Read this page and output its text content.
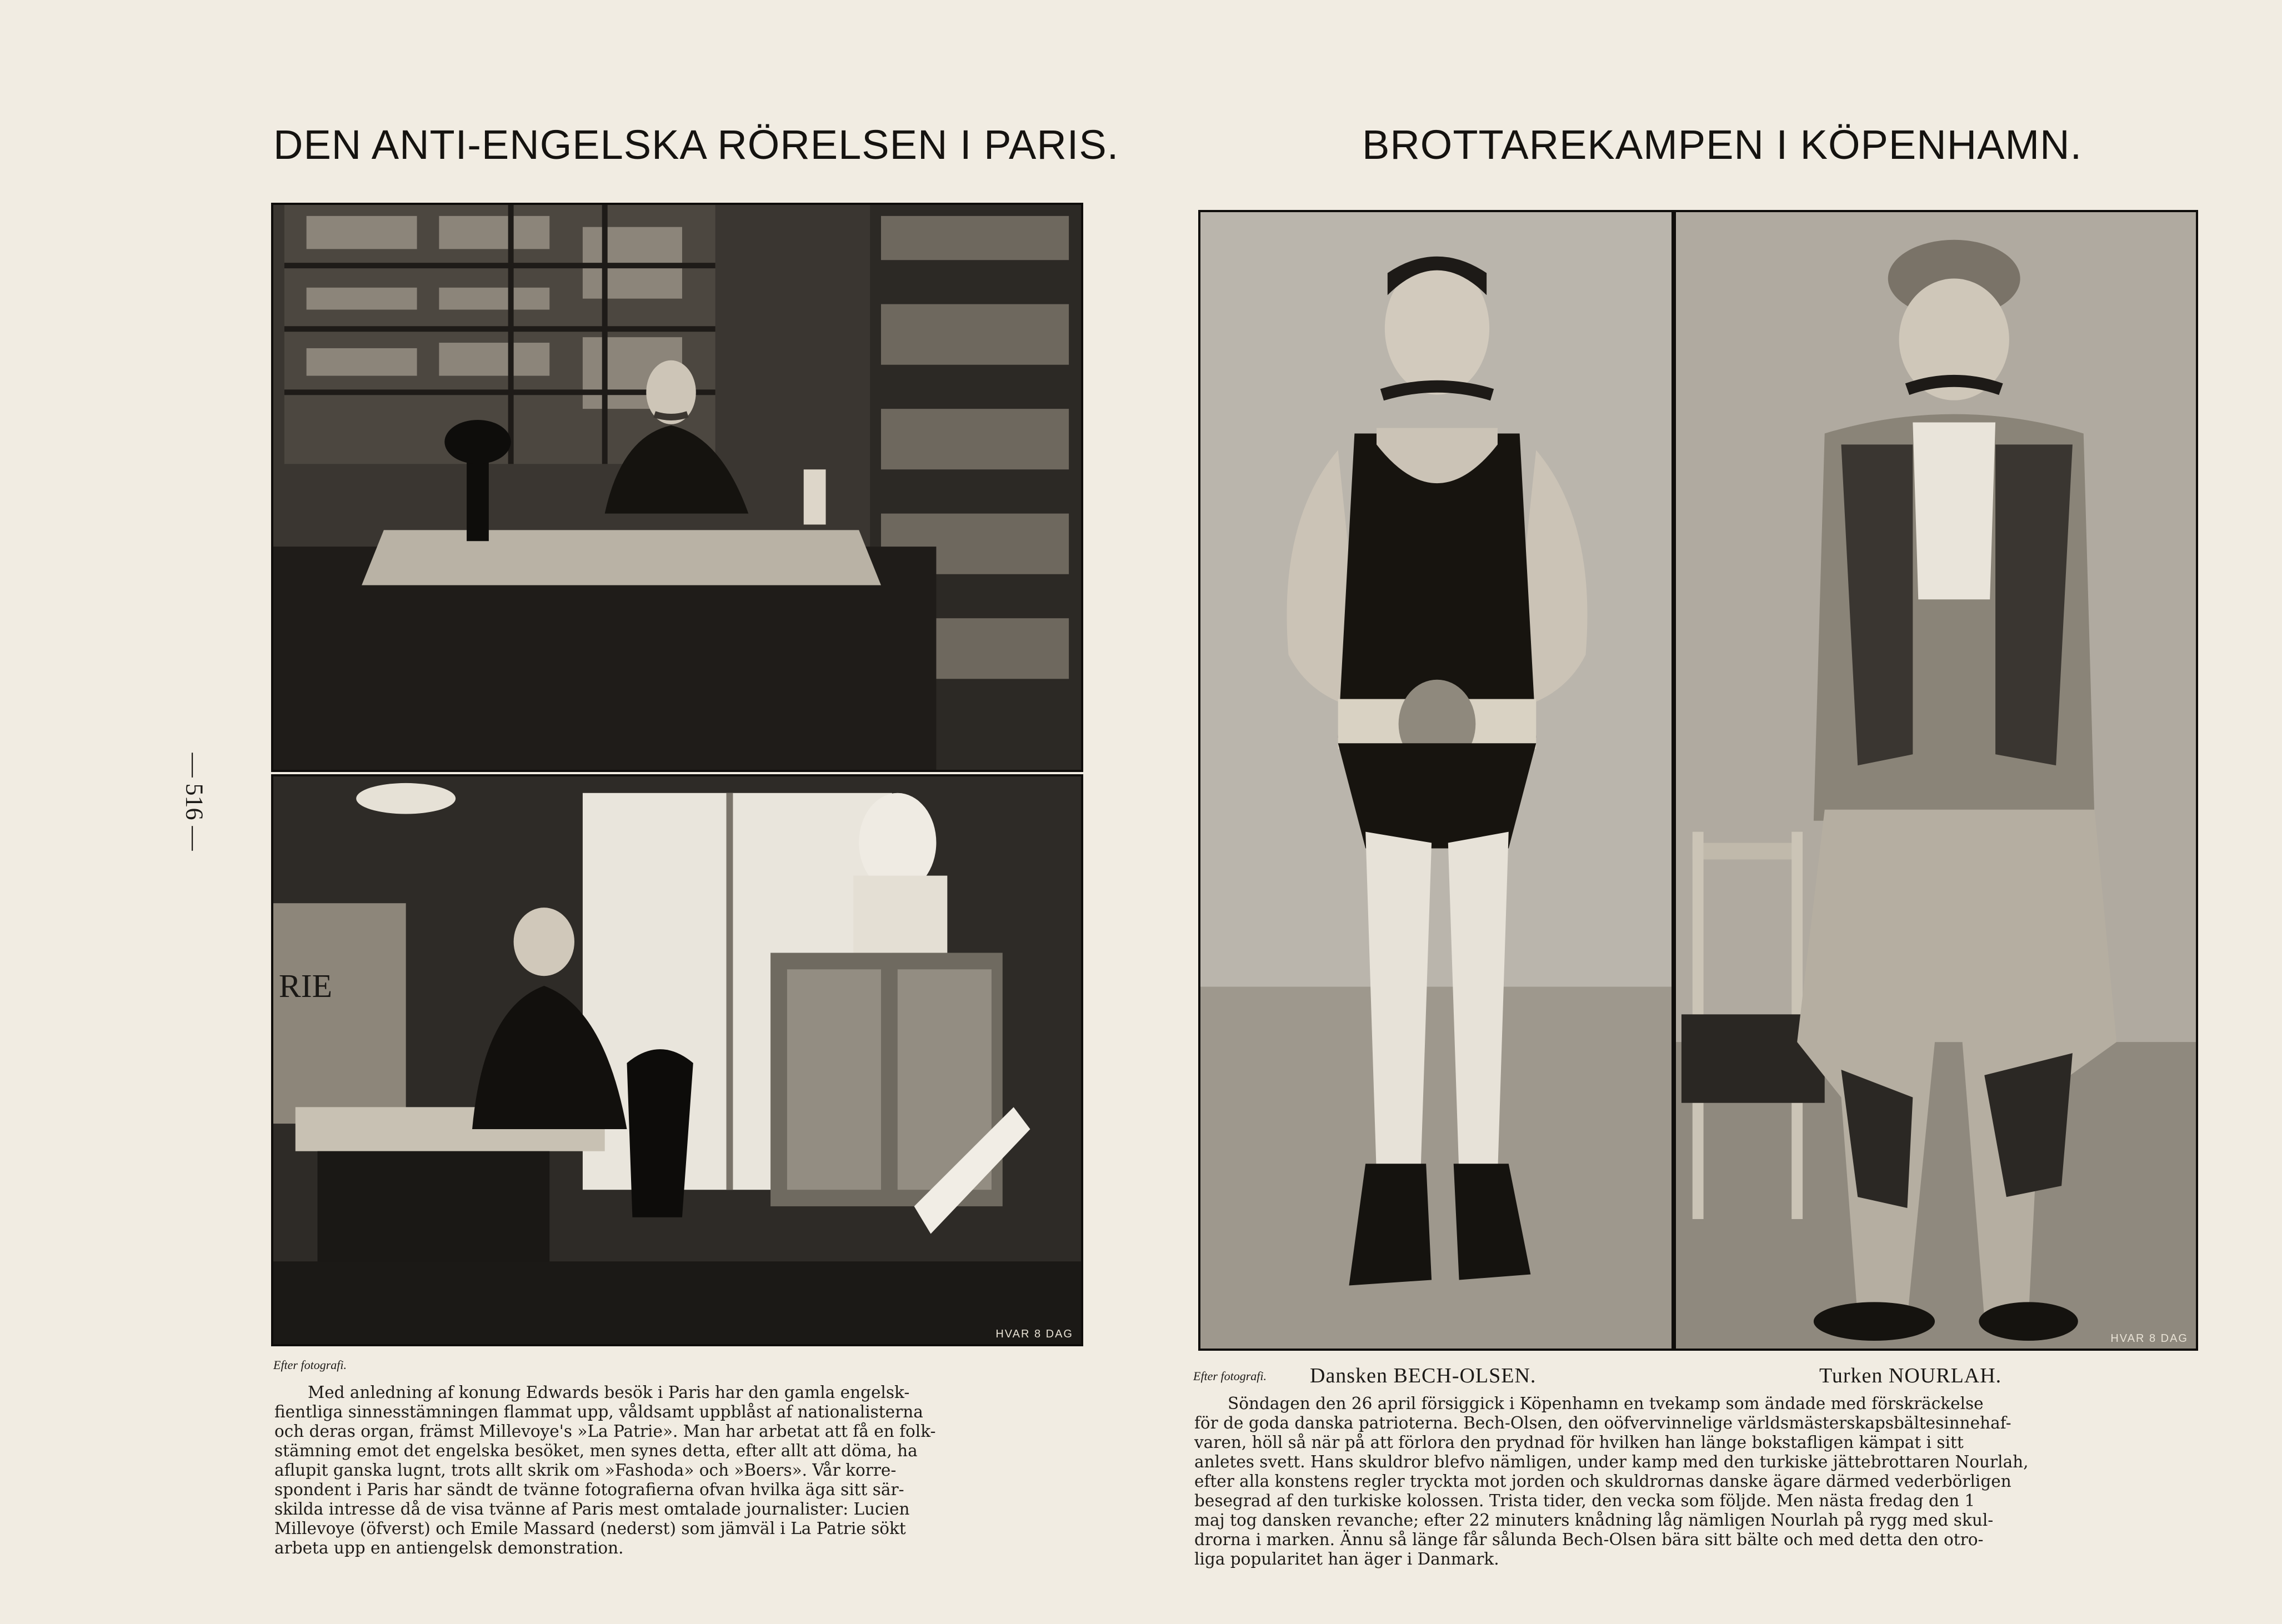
DEN ANTI-ENGELSKA RÖRELSEN I PARIS.	BROTTAREKAMPEN I KÖPENHAMN.
— 516 —
RIE
HVAR 8 DAG
Efter fotografi.
Med anledning af konung Edwards besök i Paris har den gamla engelsk-
fientliga sinnesstämningen flammat upp, våldsamt uppblåst af nationalisterna
och deras organ, främst Millevoye's »La Patrie». Man har arbetat att få en folk-
stämning emot det engelska besöket, men synes detta, efter allt att döma, ha
aflupit ganska lugnt, trots allt skrik om »Fashoda» och »Boers». Vår korre-
spondent i Paris har sändt de tvänne fotografierna ofvan hvilka äga sitt sär-
skilda intresse då de visa tvänne af Paris mest omtalade journalister: Lucien
Millevoye (öfverst) och Emile Massard (nederst) som jämväl i La Patrie sökt
arbeta upp en antiengelsk demonstration.
HVAR 8 DAG
Efter fotografi. Dansken BECH-OLSEN.	Turken NOURLAH.
Söndagen den 26 april försiggick i Köpenhamn en tvekamp som ändade med förskräckelse
för de goda danska patrioterna. Bech-Olsen, den oöfvervinnelige världsmästerskapsbältesinnehaf-
varen, höll så när på att förlora den prydnad för hvilken han länge bokstafligen kämpat i sitt
anletes svett. Hans skuldror blefvo nämligen, under kamp med den turkiske jättebrottaren Nourlah,
efter alla konstens regler tryckta mot jorden och skuldrornas danske ägare därmed vederbörligen
besegrad af den turkiske kolossen. Trista tider, den vecka som följde. Men nästa fredag den 1
maj tog dansken revanche; efter 22 minuters knådning låg nämligen Nourlah på rygg med skul-
drorna i marken. Ännu så länge får sålunda Bech-Olsen bära sitt bälte och med detta den otro-
liga popularitet han äger i Danmark.
